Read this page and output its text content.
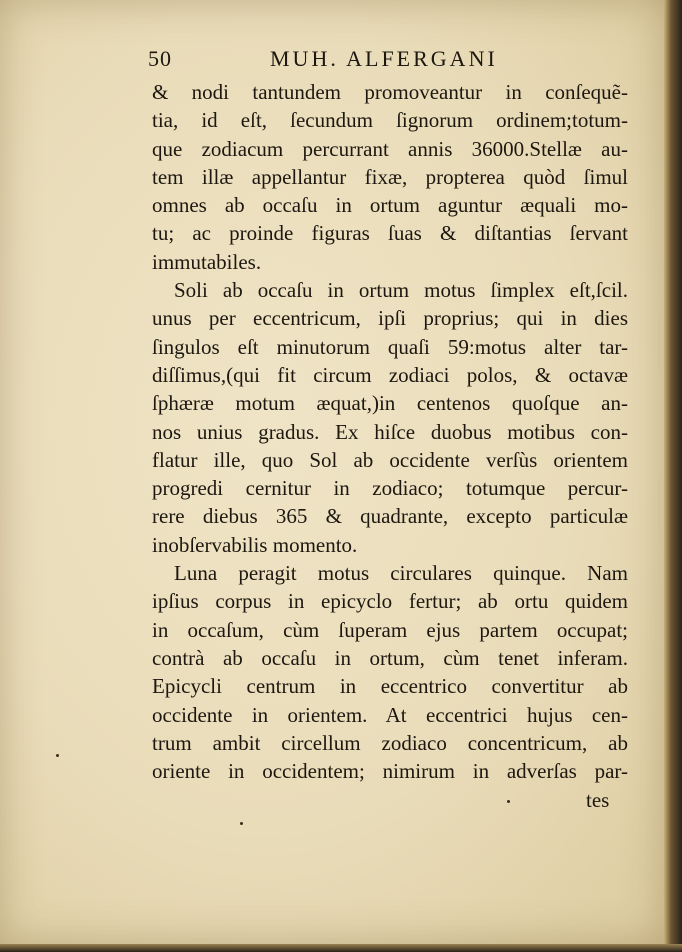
50	MUH. ALFERGANI
& nodi tantundem promoveantur in conſequẽ-
tia, id eſt, ſecundum ſignorum ordinem;totum-
que zodiacum percurrant annis 36000.Stellæ au-
tem illæ appellantur fixæ, propterea quòd ſimul
omnes ab occaſu in ortum aguntur æquali mo-
tu; ac proinde figuras ſuas & diſtantias ſervant
immutabiles.
Soli ab occaſu in ortum motus ſimplex eſt,ſcil.
unus per eccentricum, ipſi proprius; qui in dies
ſingulos eſt minutorum quaſi 59:motus alter tar-
diſſimus,(qui fit circum zodiaci polos, & octavæ
ſphæræ motum æquat,)in centenos quoſque an-
nos unius gradus. Ex hiſce duobus motibus con-
flatur ille, quo Sol ab occidente verſùs orientem
progredi cernitur in zodiaco; totumque percur-
rere diebus 365 & quadrante, excepto particulæ
inobſervabilis momento.
Luna peragit motus circulares quinque. Nam
ipſius corpus in epicyclo fertur; ab ortu quidem
in occaſum, cùm ſuperam ejus partem occupat;
contrà ab occaſu in ortum, cùm tenet inferam.
Epicycli centrum in eccentrico convertitur ab
occidente in orientem. At eccentrici hujus cen-
trum ambit circellum zodiaco concentricum, ab
oriente in occidentem; nimirum in adverſas par-
tes
